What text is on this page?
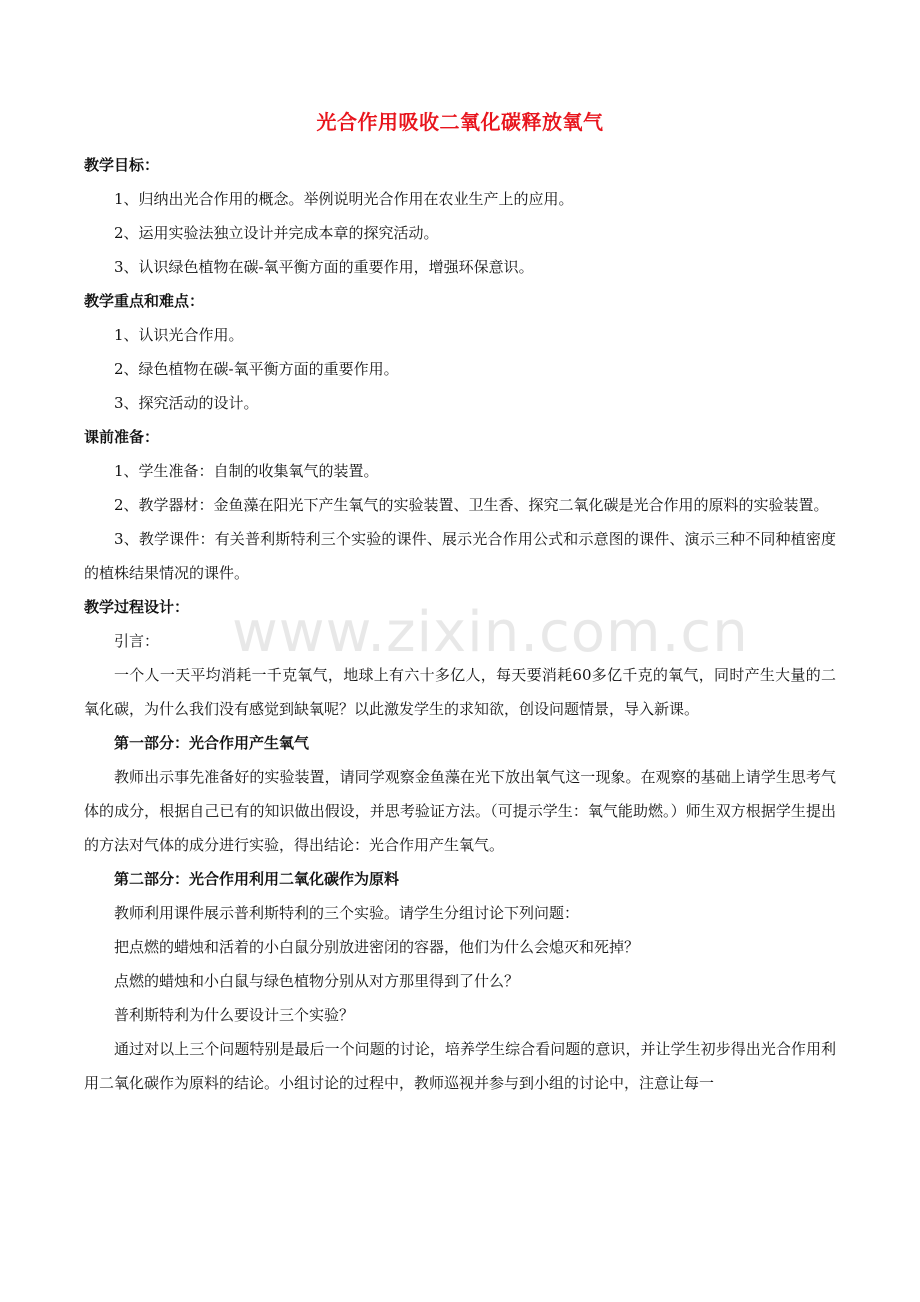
www.zixin.com.cn
光合作用吸收二氧化碳释放氧气

教学目标：

1、归纳出光合作用的概念。举例说明光合作用在农业生产上的应用。

2、运用实验法独立设计并完成本章的探究活动。

3、认识绿色植物在碳-氧平衡方面的重要作用，增强环保意识。

教学重点和难点：

1、认识光合作用。

2、绿色植物在碳-氧平衡方面的重要作用。

3、探究活动的设计。

课前准备：

1、学生准备：自制的收集氧气的装置。

2、教学器材：金鱼藻在阳光下产生氧气的实验装置、卫生香、探究二氧化碳是光合作用的原料的实验装置。

3、教学课件：有关普利斯特利三个实验的课件、展示光合作用公式和示意图的课件、演示三种不同种植密度的植株结果情况的课件。

教学过程设计：

引言：

一个人一天平均消耗一千克氧气，地球上有六十多亿人，每天要消耗60多亿千克的氧气，同时产生大量的二氧化碳，为什么我们没有感觉到缺氧呢？以此激发学生的求知欲，创设问题情景，导入新课。

第一部分：光合作用产生氧气

教师出示事先准备好的实验装置，请同学观察金鱼藻在光下放出氧气这一现象。在观察的基础上请学生思考气体的成分，根据自己已有的知识做出假设，并思考验证方法。（可提示学生：氧气能助燃。）师生双方根据学生提出的方法对气体的成分进行实验，得出结论：光合作用产生氧气。

第二部分：光合作用利用二氧化碳作为原料

教师利用课件展示普利斯特利的三个实验。请学生分组讨论下列问题：

把点燃的蜡烛和活着的小白鼠分别放进密闭的容器，他们为什么会熄灭和死掉？

点燃的蜡烛和小白鼠与绿色植物分别从对方那里得到了什么？

普利斯特利为什么要设计三个实验？

通过对以上三个问题特别是最后一个问题的讨论，培养学生综合看问题的意识，并让学生初步得出光合作用利用二氧化碳作为原料的结论。小组讨论的过程中，教师巡视并参与到小组的讨论中，注意让每一
